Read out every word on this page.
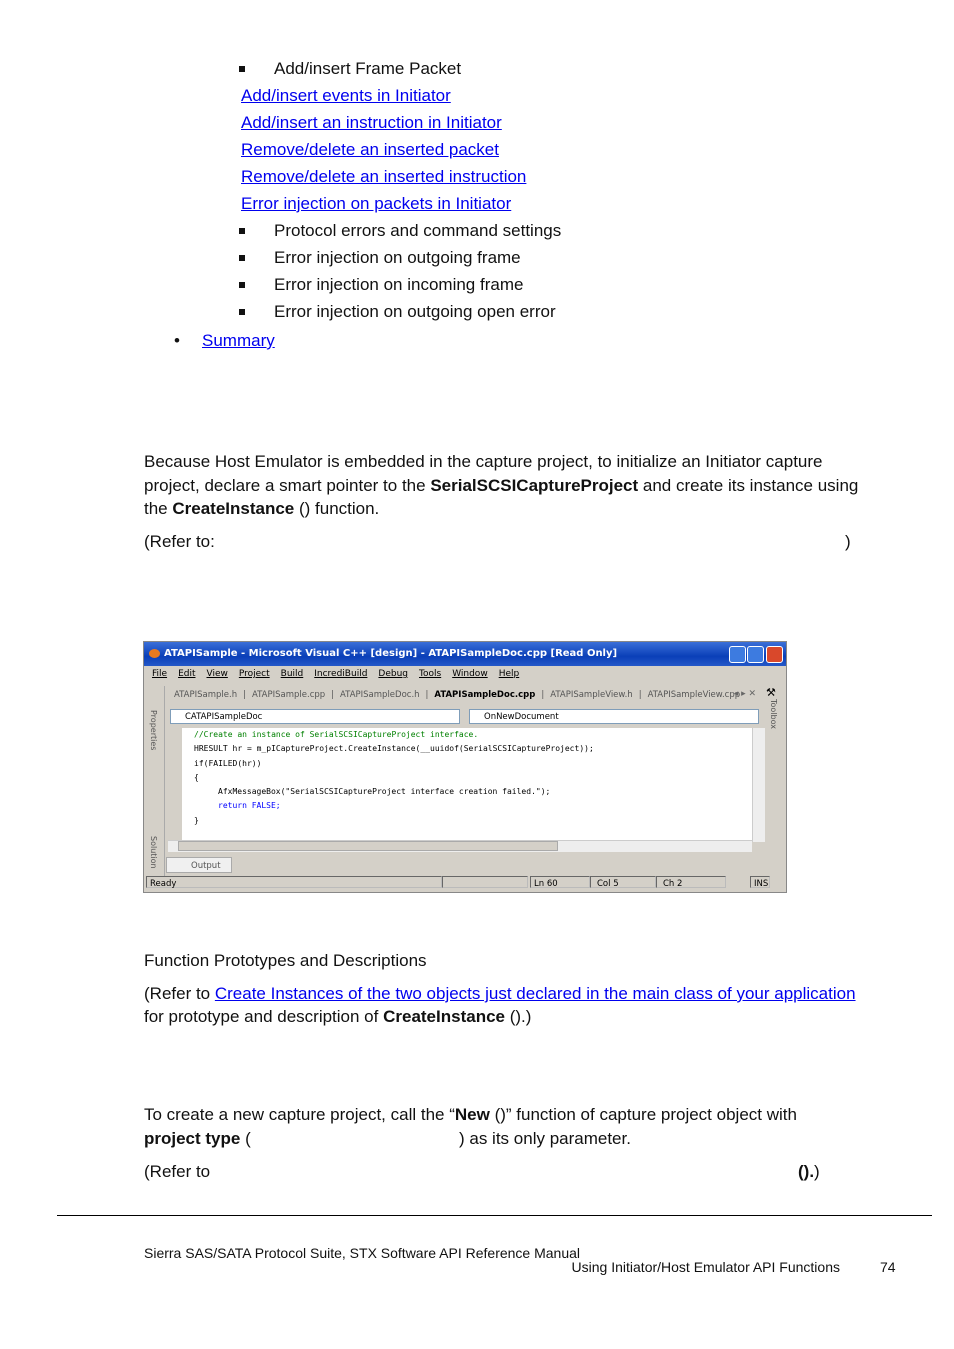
Add/insert Frame Packet
Add/insert events in Initiator
Add/insert an instruction in Initiator
Remove/delete an inserted packet
Remove/delete an inserted instruction
Error injection on packets in Initiator
Protocol errors and command settings
Error injection on outgoing frame
Error injection on incoming frame
Error injection on outgoing open error
• Summary
Because Host Emulator is embedded in the capture project, to initialize an Initiator capture
project, declare a smart pointer to the SerialSCSICaptureProject and create its instance using
the CreateInstance () function.
(Refer to:	)
ATAPISample - Microsoft Visual C++ [design] - ATAPISampleDoc.cpp [Read Only]
File Edit View Project Build IncrediBuild Debug Tools Window Help
Properties
Solution
ATAPISample.h | ATAPISample.cpp | ATAPISampleDoc.h | ATAPISampleDoc.cpp | ATAPISampleView.h | ATAPISampleView.cpp
◂ ▸ ✕ ⚒
Toolbox
CATAPISampleDoc	OnNewDocument
//Create an instance of SerialSCSICaptureProject interface.
HRESULT hr = m_pICaptureProject.CreateInstance(__uuidof(SerialSCSICaptureProject));
if(FAILED(hr))
{
AfxMessageBox("SerialSCSICaptureProject interface creation failed.");
return FALSE;
}
Output
Ready	Ln 60	Col 5	Ch 2	INS
Function Prototypes and Descriptions
(Refer to Create Instances of the two objects just declared in the main class of your application
for prototype and description of CreateInstance ().)
To create a new capture project, call the “New ()” function of capture project object with
project type (	) as its only parameter.
(Refer to	().)
Sierra SAS/SATA Protocol Suite, STX Software API Reference Manual
Using Initiator/Host Emulator API Functions	74
